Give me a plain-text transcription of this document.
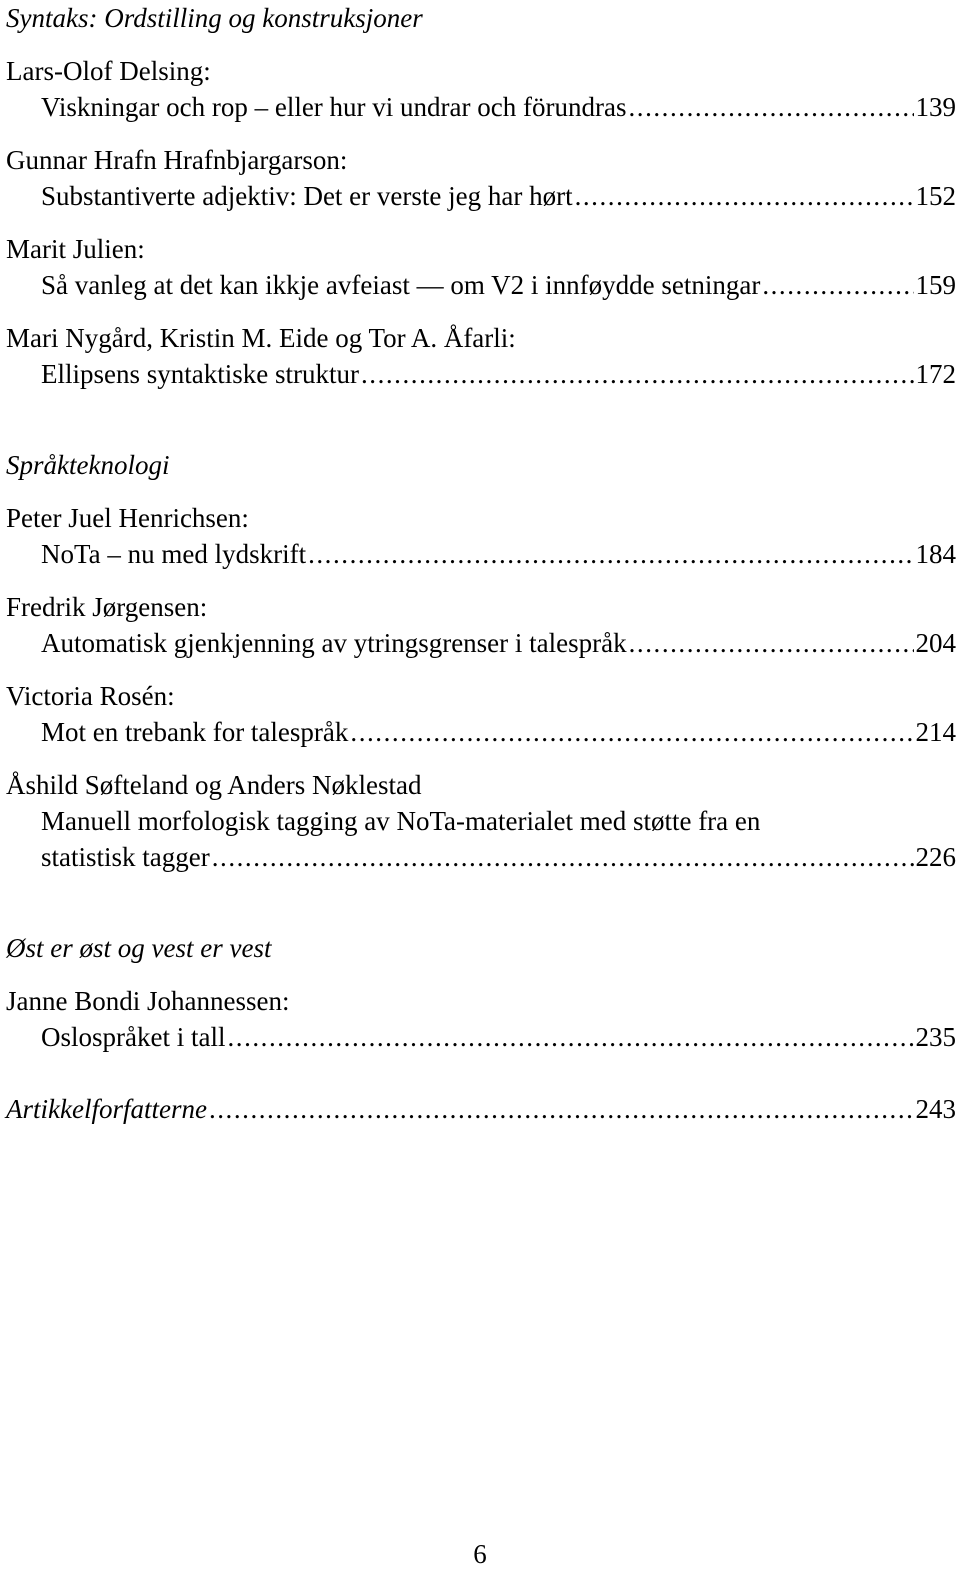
Syntaks: Ordstilling og konstruksjoner
Lars-Olof Delsing:
Viskningar och rop – eller hur vi undrar och förundras . . .	139
Gunnar Hrafn Hrafnbjargarson:
Substantiverte adjektiv: Det er verste jeg har hørt . . .	152
Marit Julien:
Så vanleg at det kan ikkje avfeiast — om V2 i innføydde setningar . . .	159
Mari Nygård, Kristin M. Eide og Tor A. Åfarli:
Ellipsens syntaktiske struktur . . .	172
Språkteknologi
Peter Juel Henrichsen:
NoTa – nu med lydskrift . . .	184
Fredrik Jørgensen:
Automatisk gjenkjenning av ytringsgrenser i talespråk . . .	204
Victoria Rosén:
Mot en trebank for talespråk . . .	214
Åshild Søfteland og Anders Nøklestad
Manuell morfologisk tagging av NoTa-materialet med støtte fra en
statistisk tagger . . .	226
Øst er øst og vest er vest
Janne Bondi Johannessen:
Oslospråket i tall . . .	235
Artikkelforfatterne . . .	243
6
